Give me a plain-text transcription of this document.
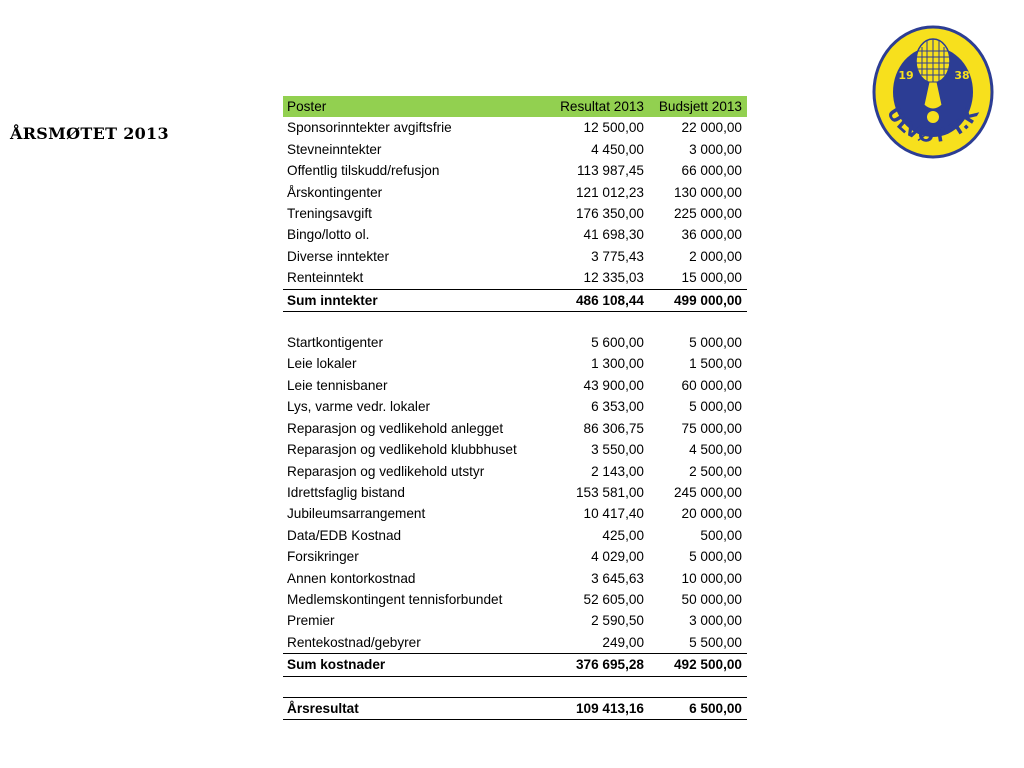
ÅRSMØTET 2013
Poster	Resultat 2013	Budsjett 2013
Sponsorinntekter avgiftsfrie	12 500,00	22 000,00
Stevneinntekter	4 450,00	3 000,00
Offentlig tilskudd/refusjon	113 987,45	66 000,00
Årskontingenter	121 012,23	130 000,00
Treningsavgift	176 350,00	225 000,00
Bingo/lotto ol.	41 698,30	36 000,00
Diverse inntekter	3 775,43	2 000,00
Renteinntekt	12 335,03	15 000,00
Sum inntekter	486 108,44	499 000,00

Startkontigenter	5 600,00	5 000,00
Leie lokaler	1 300,00	1 500,00
Leie tennisbaner	43 900,00	60 000,00
Lys, varme vedr. lokaler	6 353,00	5 000,00
Reparasjon og vedlikehold anlegget	86 306,75	75 000,00
Reparasjon og vedlikehold klubbhuset	3 550,00	4 500,00
Reparasjon og vedlikehold utstyr	2 143,00	2 500,00
Idrettsfaglig bistand	153 581,00	245 000,00
Jubileumsarrangement	10 417,40	20 000,00
Data/EDB Kostnad	425,00	500,00
Forsikringer	4 029,00	5 000,00
Annen kontorkostnad	3 645,63	10 000,00
Medlemskontingent tennisforbundet	52 605,00	50 000,00
Premier	2 590,50	3 000,00
Rentekostnad/gebyrer	249,00	5 500,00
Sum kostnader	376 695,28	492 500,00

Årsresultat	109 413,16	6 500,00
19	38
ULVØY T.K
